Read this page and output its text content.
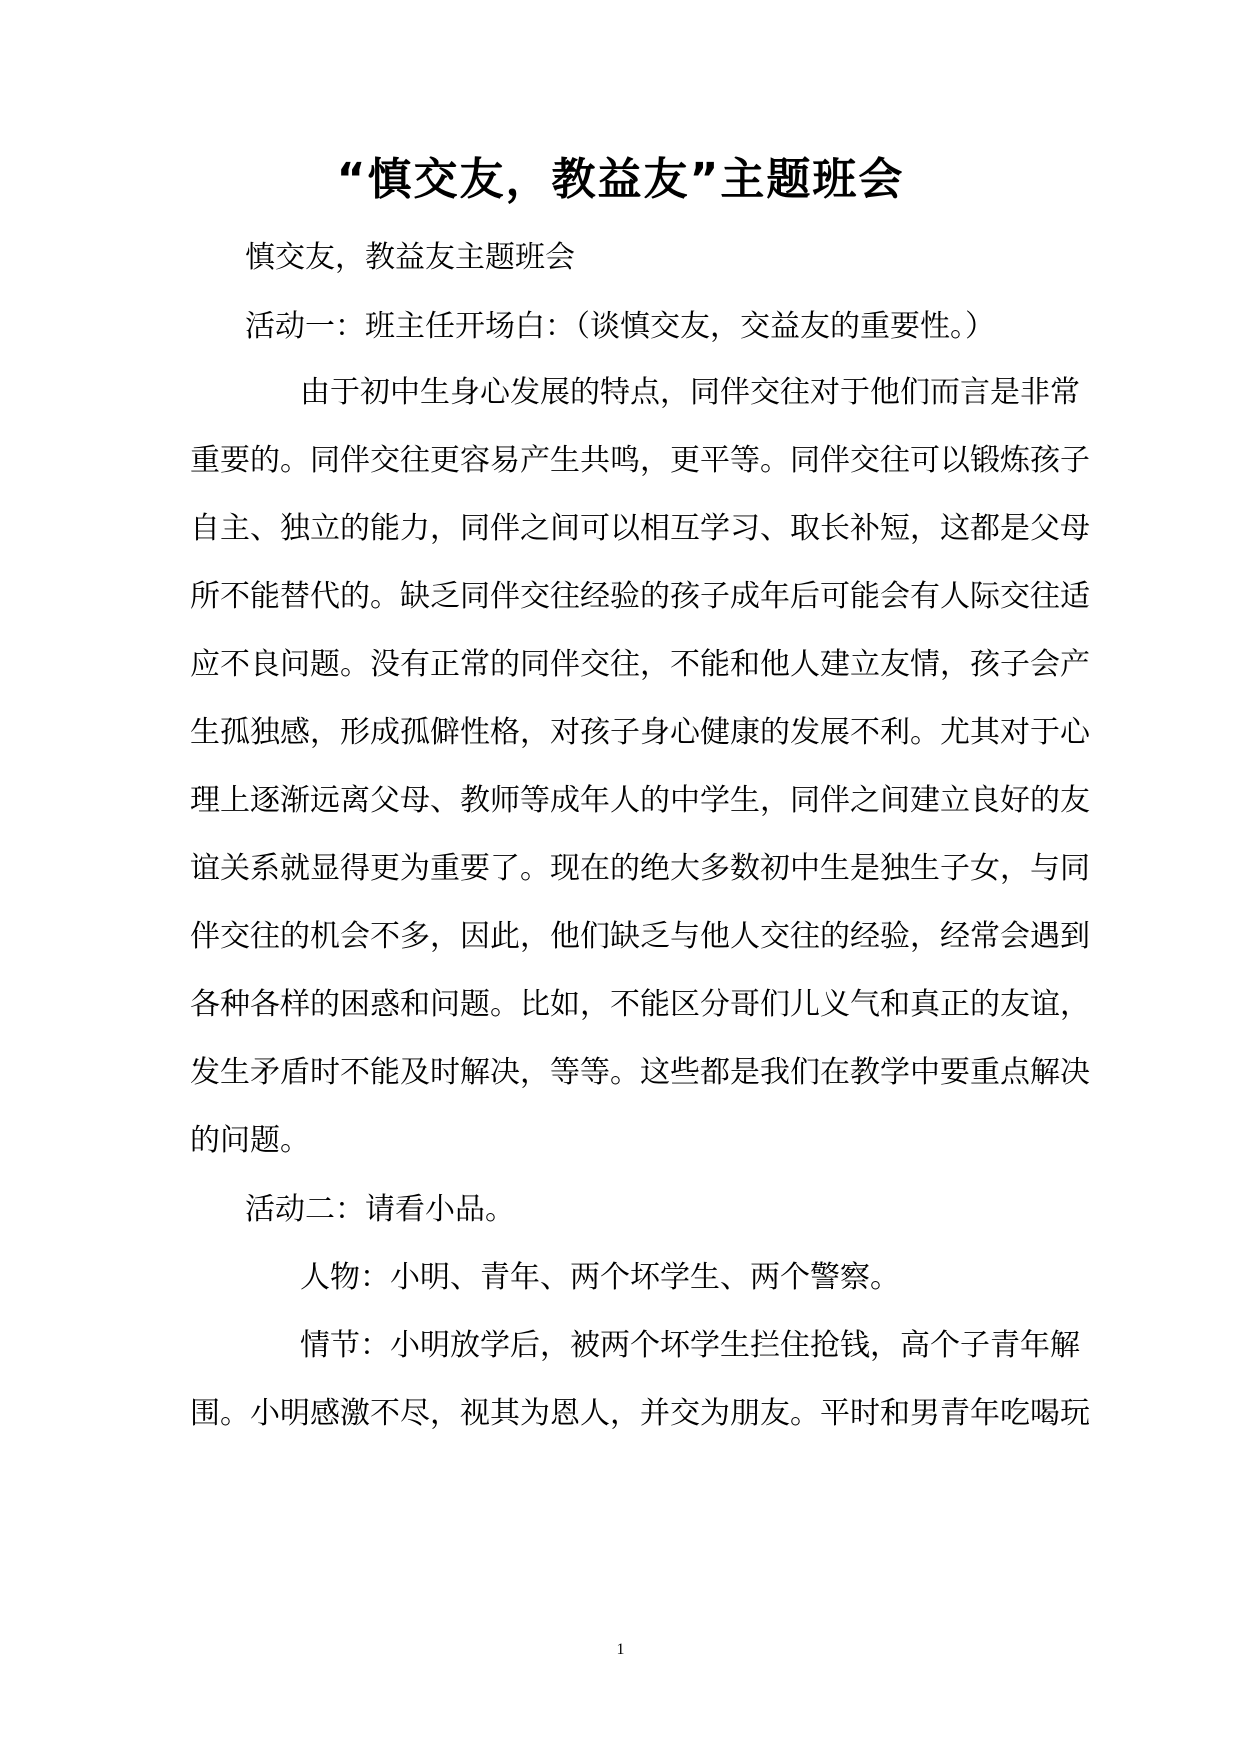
“慎交友，教益友”主题班会
慎交友，教益友主题班会
活动一：班主任开场白：（谈慎交友，交益友的重要性。）
由于初中生身心发展的特点，同伴交往对于他们而言是非常
重要的。同伴交往更容易产生共鸣，更平等。同伴交往可以锻炼孩子
自主、独立的能力，同伴之间可以相互学习、取长补短，这都是父母
所不能替代的。缺乏同伴交往经验的孩子成年后可能会有人际交往适
应不良问题。没有正常的同伴交往，不能和他人建立友情，孩子会产
生孤独感，形成孤僻性格，对孩子身心健康的发展不利。尤其对于心
理上逐渐远离父母、教师等成年人的中学生，同伴之间建立良好的友
谊关系就显得更为重要了。现在的绝大多数初中生是独生子女，与同
伴交往的机会不多，因此，他们缺乏与他人交往的经验，经常会遇到
各种各样的困惑和问题。比如，不能区分哥们儿义气和真正的友谊，
发生矛盾时不能及时解决，等等。这些都是我们在教学中要重点解决
的问题。
活动二：请看小品。
人物：小明、青年、两个坏学生、两个警察。
情节：小明放学后，被两个坏学生拦住抢钱，高个子青年解
围。小明感激不尽，视其为恩人，并交为朋友。平时和男青年吃喝玩
1
